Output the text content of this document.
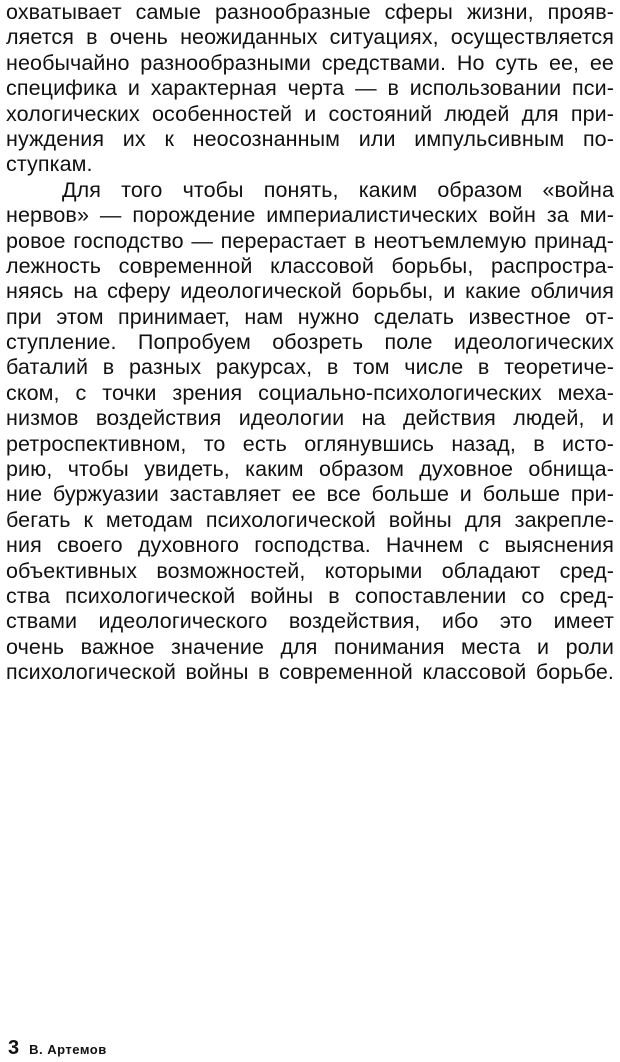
охватывает самые разнообразные сферы жизни, прояв-
ляется в очень неожиданных ситуациях, осуществляется
необычайно разнообразными средствами. Но суть ее, ее
специфика и характерная черта — в использовании пси-
хологических особенностей и состояний людей для при-
нуждения их к неосознанным или импульсивным по-
ступкам.
Для того чтобы понять, каким образом «война
нервов» — порождение империалистических войн за ми-
ровое господство — перерастает в неотъемлемую принад-
лежность современной классовой борьбы, распростра-
няясь на сферу идеологической борьбы, и какие обличия
при этом принимает, нам нужно сделать известное от-
ступление. Попробуем обозреть поле идеологических
баталий в разных ракурсах, в том числе в теоретиче-
ском, с точки зрения социально-психологических меха-
низмов воздействия идеологии на действия людей, и
ретроспективном, то есть оглянувшись назад, в исто-
рию, чтобы увидеть, каким образом духовное обнища-
ние буржуазии заставляет ее все больше и больше при-
бегать к методам психологической войны для закрепле-
ния своего духовного господства. Начнем с выяснения
объективных возможностей, которыми обладают сред-
ства психологической войны в сопоставлении со сред-
ствами идеологического воздействия, ибо это имеет
очень важное значение для понимания места и роли
психологической войны в современной классовой борьбе.
3 В. Артемов
